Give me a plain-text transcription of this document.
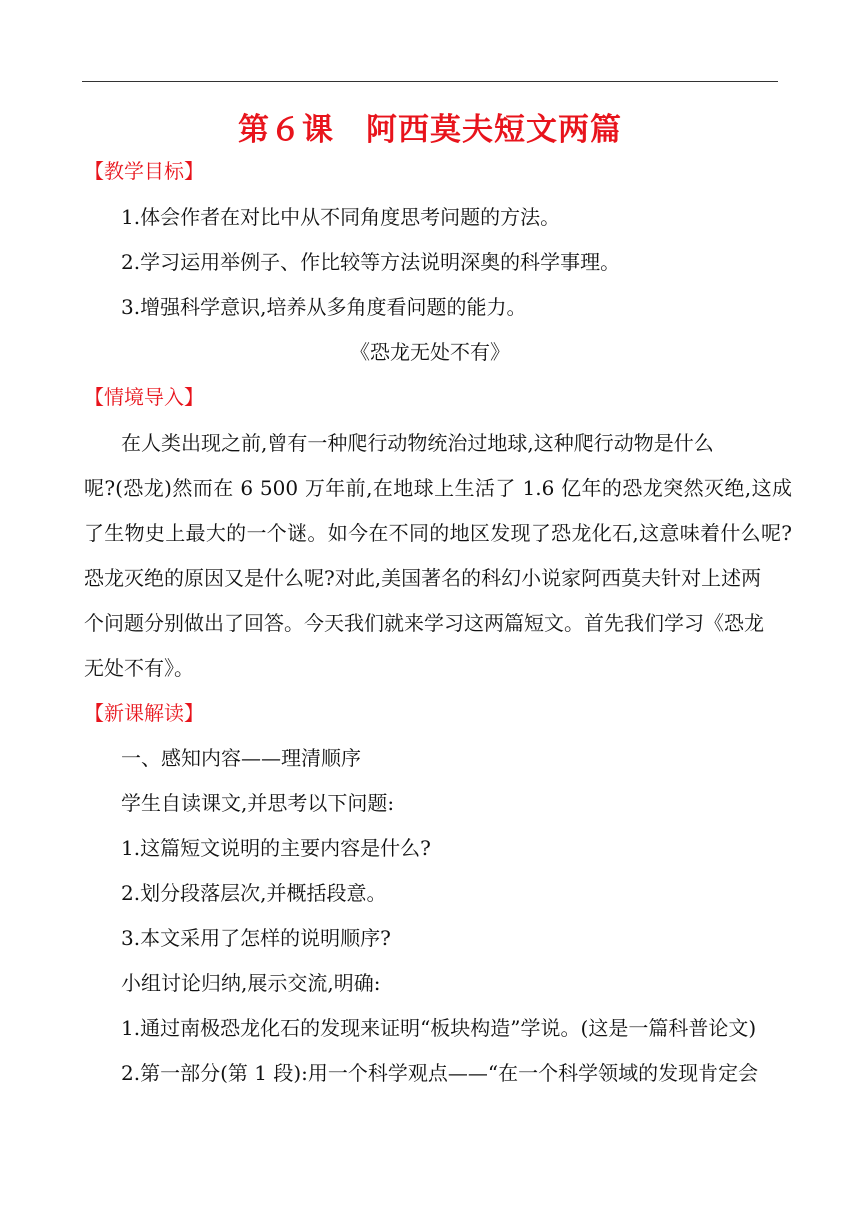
第６课　阿西莫夫短文两篇
【教学目标】
1.体会作者在对比中从不同角度思考问题的方法。
2.学习运用举例子、作比较等方法说明深奥的科学事理。
3.增强科学意识,培养从多角度看问题的能力。
《恐龙无处不有》
【情境导入】
在人类出现之前,曾有一种爬行动物统治过地球,这种爬行动物是什么
呢?(恐龙)然而在 6 500 万年前,在地球上生活了 1.6 亿年的恐龙突然灭绝,这成
了生物史上最大的一个谜。如今在不同的地区发现了恐龙化石,这意味着什么呢?
恐龙灭绝的原因又是什么呢?对此,美国著名的科幻小说家阿西莫夫针对上述两
个问题分别做出了回答。今天我们就来学习这两篇短文。首先我们学习《恐龙
无处不有》。
【新课解读】
一、感知内容——理清顺序
学生自读课文,并思考以下问题:
1.这篇短文说明的主要内容是什么?
2.划分段落层次,并概括段意。
3.本文采用了怎样的说明顺序?
小组讨论归纳,展示交流,明确:
1.通过南极恐龙化石的发现来证明“板块构造”学说。(这是一篇科普论文)
2.第一部分(第 1 段):用一个科学观点——“在一个科学领域的发现肯定会
